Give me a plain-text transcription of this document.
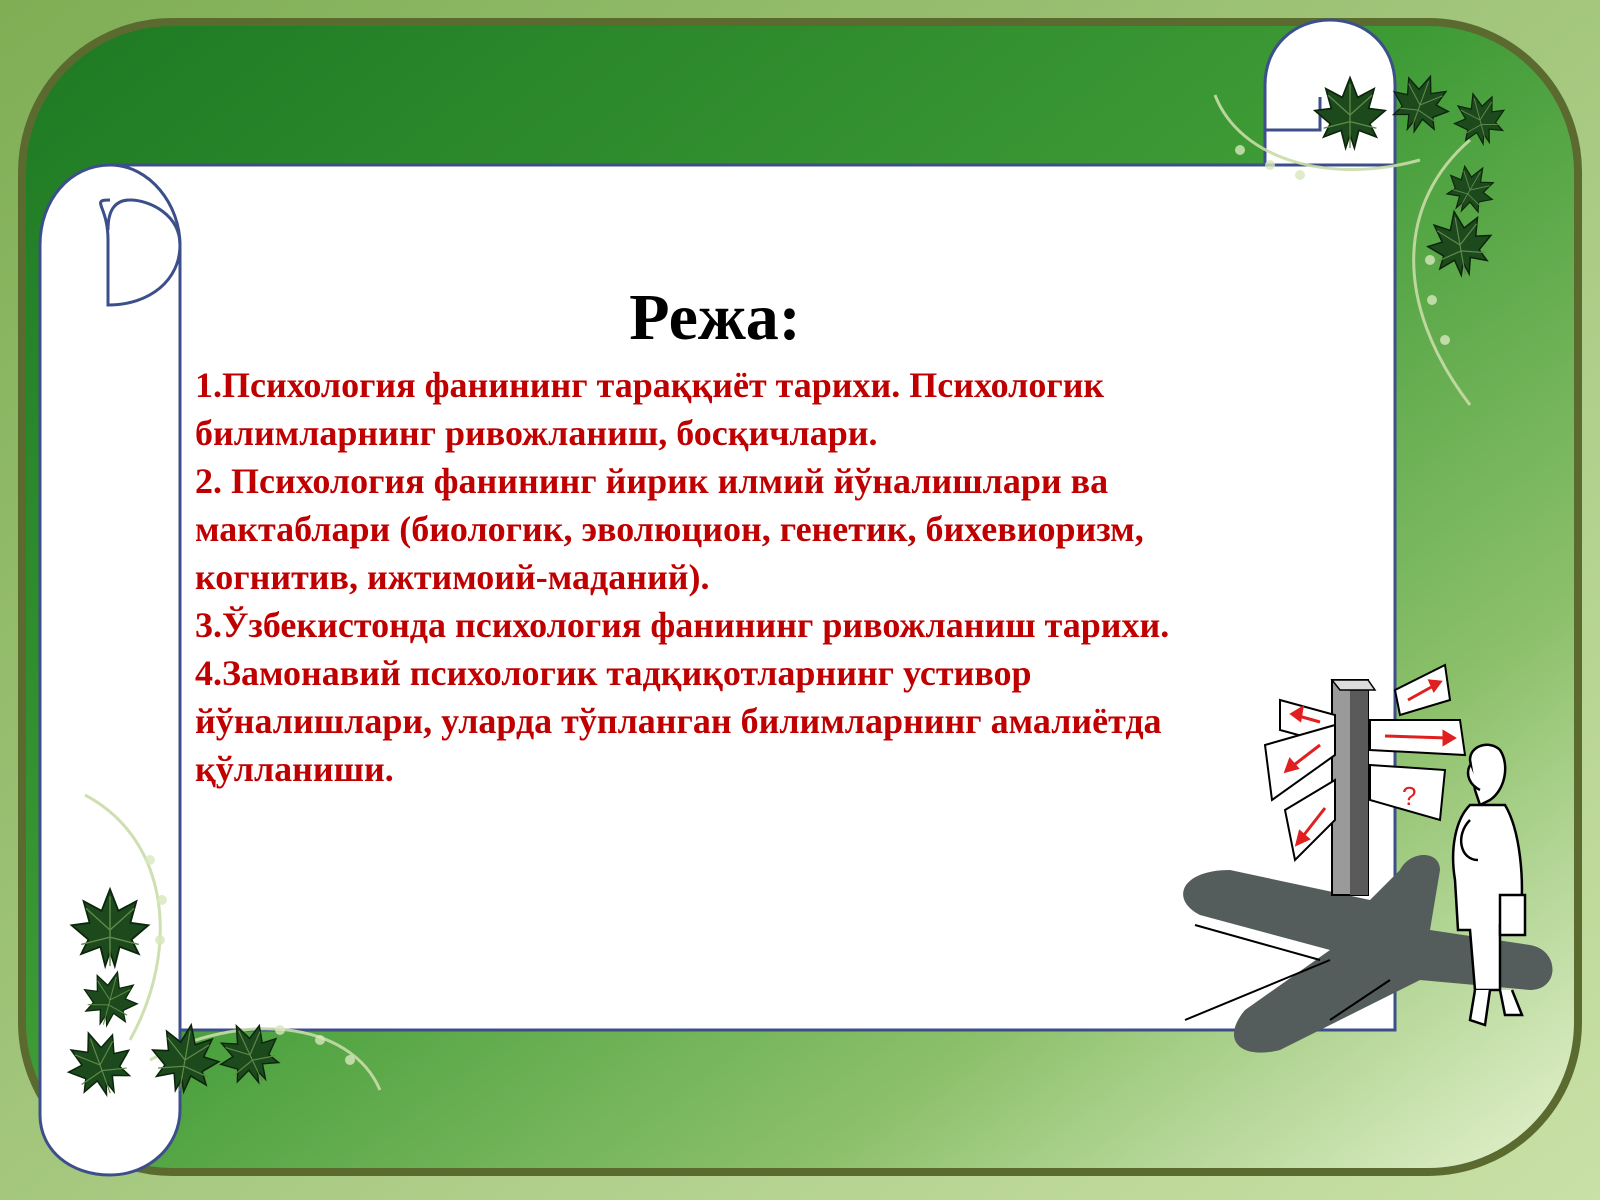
?
Режа:

1.Психология фанининг тараққиёт тарихи. Психологик билимларнинг ривожланиш, босқичлари.

2. Психология фанининг йирик илмий йўналишлари ва мактаблари (биологик, эволюцион, генетик, бихевиоризм, когнитив, ижтимоий-маданий).

3.Ўзбекистонда психология фанининг ривожланиш тарихи.

4.Замонавий психологик тадқиқотларнинг устивор йўналишлари, уларда тўпланган билимларнинг амалиётда қўлланиши.
